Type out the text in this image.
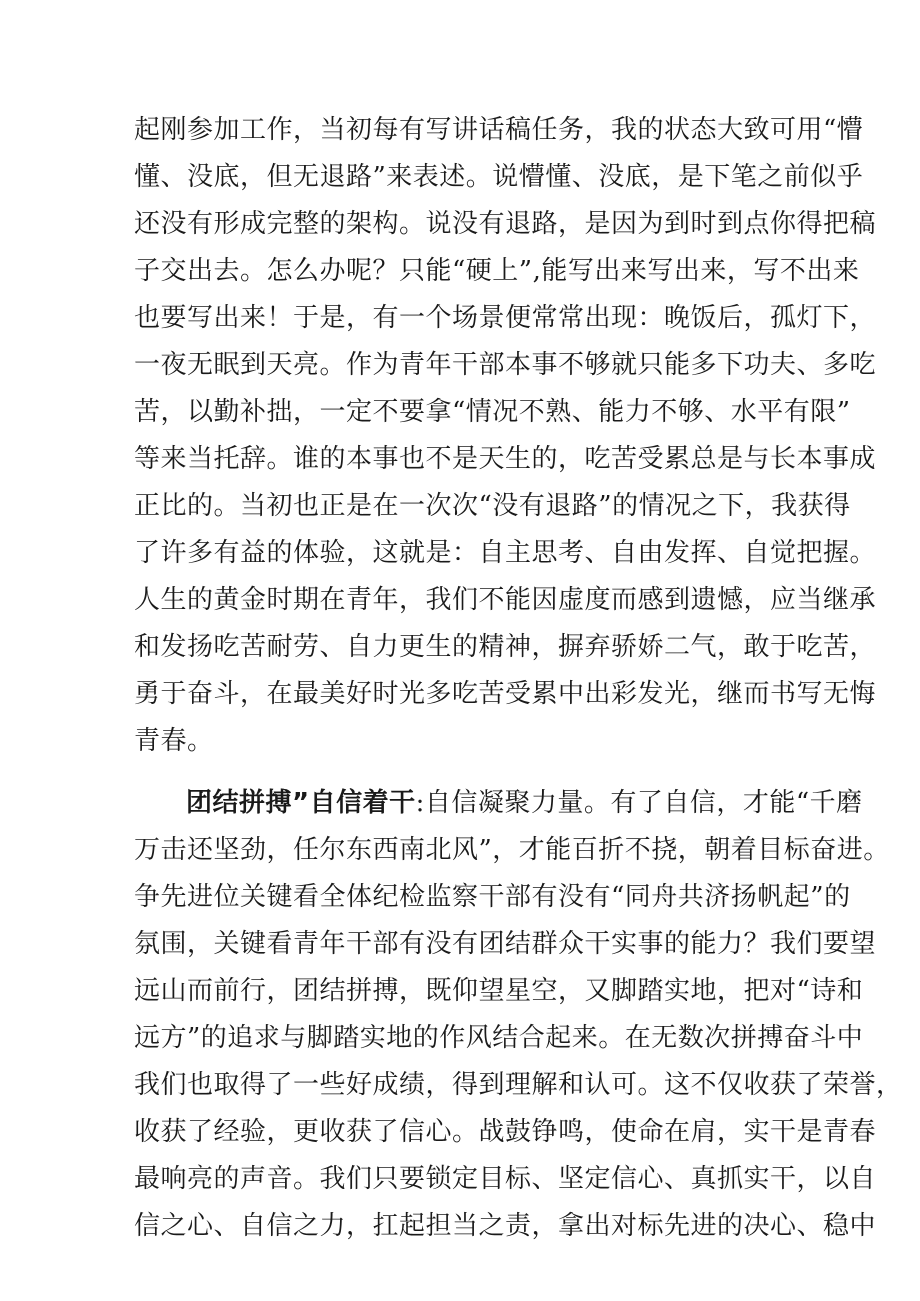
起刚参加工作，当初每有写讲话稿任务，我的状态大致可用“懵
懂、没底，但无退路”来表述。说懵懂、没底，是下笔之前似乎
还没有形成完整的架构。说没有退路，是因为到时到点你得把稿
子交出去。怎么办呢？只能“硬上”,能写出来写出来，写不出来
也要写出来！于是，有一个场景便常常出现：晚饭后，孤灯下，
一夜无眠到天亮。作为青年干部本事不够就只能多下功夫、多吃
苦，以勤补拙，一定不要拿“情况不熟、能力不够、水平有限”
等来当托辞。谁的本事也不是天生的，吃苦受累总是与长本事成
正比的。当初也正是在一次次“没有退路”的情况之下，我获得
了许多有益的体验，这就是：自主思考、自由发挥、自觉把握。
人生的黄金时期在青年，我们不能因虚度而感到遗憾，应当继承
和发扬吃苦耐劳、自力更生的精神，摒弃骄娇二气，敢于吃苦，
勇于奋斗，在最美好时光多吃苦受累中出彩发光，继而书写无悔
青春。
团结拼搏”自信着干:自信凝聚力量。有了自信，才能“千磨
万击还坚劲，任尔东西南北风”，才能百折不挠，朝着目标奋进。
争先进位关键看全体纪检监察干部有没有“同舟共济扬帆起”的
氛围，关键看青年干部有没有团结群众干实事的能力？我们要望
远山而前行，团结拼搏，既仰望星空，又脚踏实地，把对“诗和
远方”的追求与脚踏实地的作风结合起来。在无数次拼搏奋斗中
我们也取得了一些好成绩，得到理解和认可。这不仅收获了荣誉，
收获了经验，更收获了信心。战鼓铮鸣，使命在肩，实干是青春
最响亮的声音。我们只要锁定目标、坚定信心、真抓实干，以自
信之心、自信之力，扛起担当之责，拿出对标先进的决心、稳中
